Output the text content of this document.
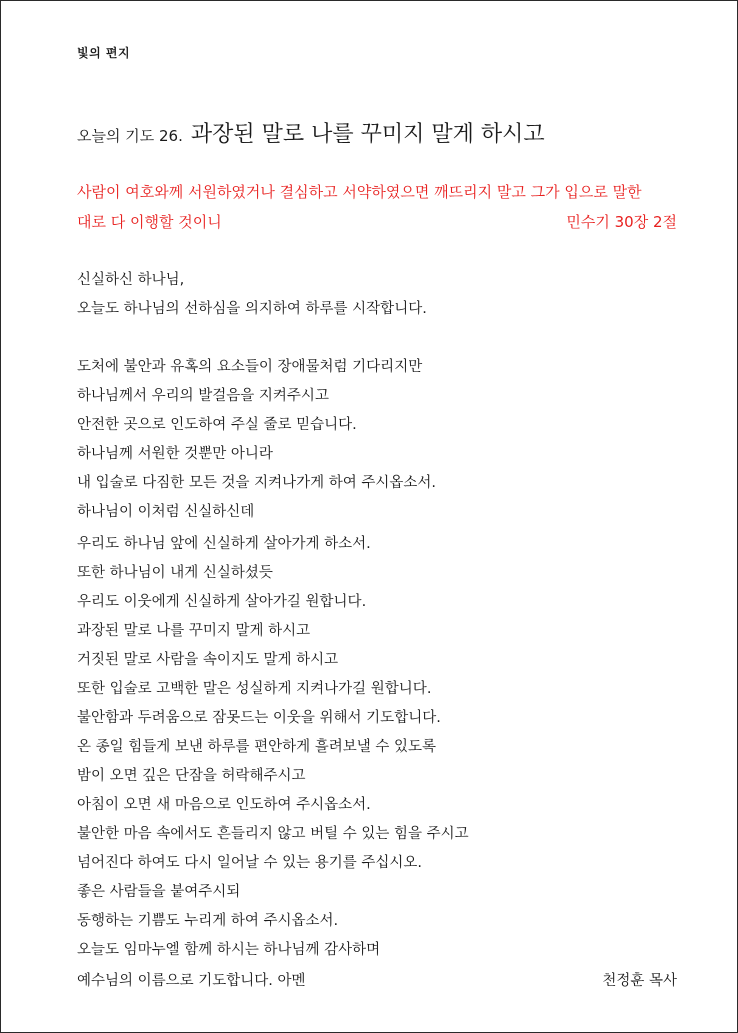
빛의 편지
오늘의 기도 26. 과장된 말로 나를 꾸미지 말게 하시고
사람이 여호와께 서원하였거나 결심하고 서약하였으면 깨뜨리지 말고 그가 입으로 말한
대로 다 이행할 것이니	민수기 30장 2절
신실하신 하나님,
오늘도 하나님의 선하심을 의지하여 하루를 시작합니다.
도처에 불안과 유혹의 요소들이 장애물처럼 기다리지만
하나님께서 우리의 발걸음을 지켜주시고
안전한 곳으로 인도하여 주실 줄로 믿습니다.
하나님께 서원한 것뿐만 아니라
내 입술로 다짐한 모든 것을 지켜나가게 하여 주시옵소서.
하나님이 이처럼 신실하신데
우리도 하나님 앞에 신실하게 살아가게 하소서.
또한 하나님이 내게 신실하셨듯
우리도 이웃에게 신실하게 살아가길 원합니다.
과장된 말로 나를 꾸미지 말게 하시고
거짓된 말로 사람을 속이지도 말게 하시고
또한 입술로 고백한 말은 성실하게 지켜나가길 원합니다.
불안함과 두려움으로 잠못드는 이웃을 위해서 기도합니다.
온 종일 힘들게 보낸 하루를 편안하게 흘려보낼 수 있도록
밤이 오면 깊은 단잠을 허락해주시고
아침이 오면 새 마음으로 인도하여 주시옵소서.
불안한 마음 속에서도 흔들리지 않고 버틸 수 있는 힘을 주시고
넘어진다 하여도 다시 일어날 수 있는 용기를 주십시오.
좋은 사람들을 붙여주시되
동행하는 기쁨도 누리게 하여 주시옵소서.
오늘도 임마누엘 함께 하시는 하나님께 감사하며
예수님의 이름으로 기도합니다. 아멘	천정훈 목사
